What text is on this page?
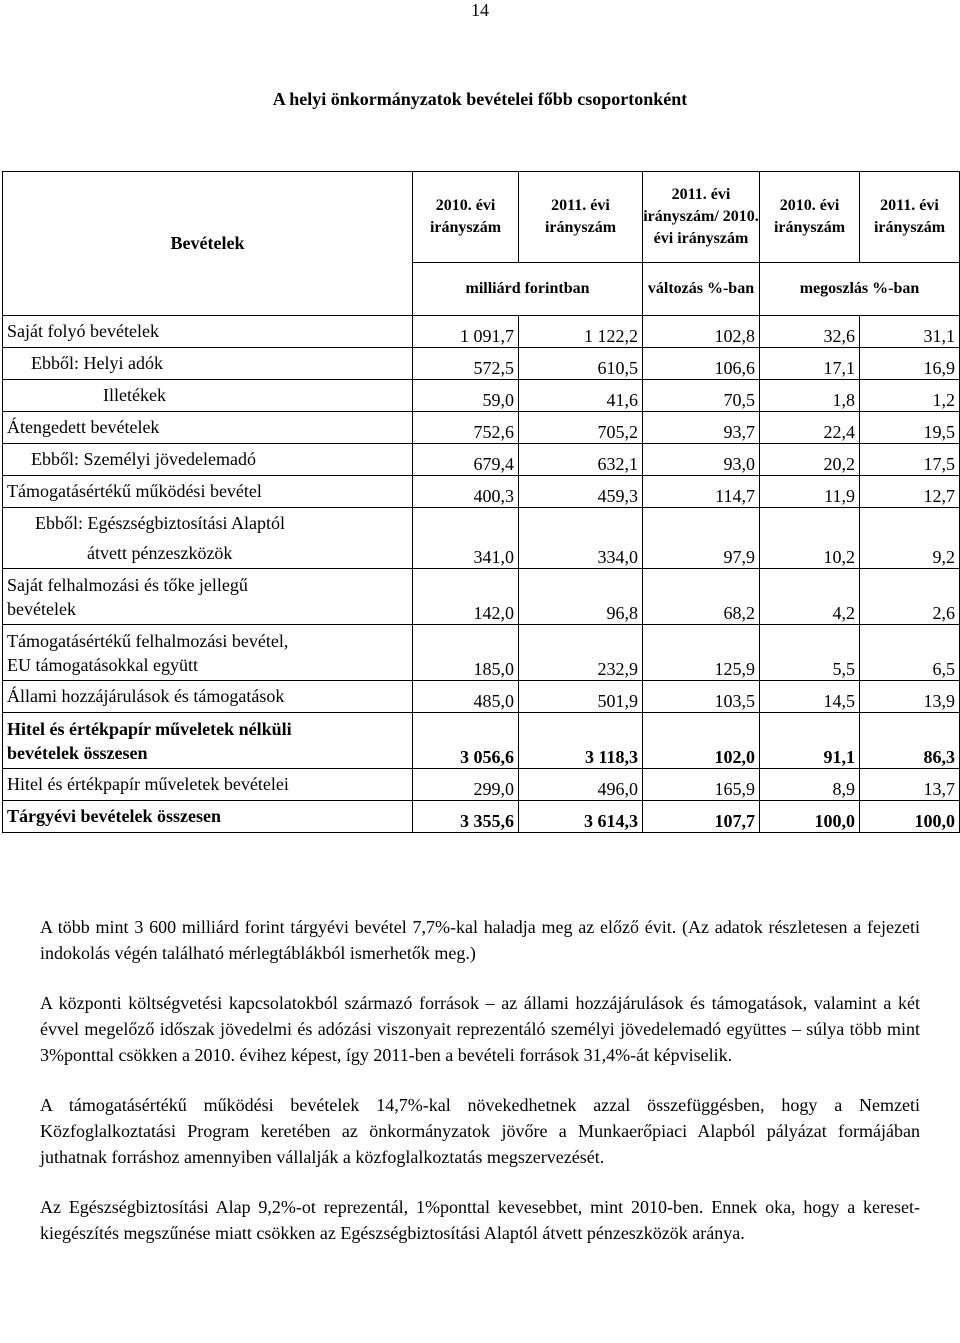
14
A helyi önkormányzatok bevételei főbb csoportonként
Bevételek	2010. évi irányszám	2011. évi irányszám	2011. évi irányszám/ 2010. évi irányszám	2010. évi irányszám	2011. évi irányszám
	milliárd forintban		változás %-ban	megoszlás %-ban	
Saját folyó bevételek	1 091,7	1 122,2	102,8	32,6	31,1
Ebből: Helyi adók	572,5	610,5	106,6	17,1	16,9
Illetékek	59,0	41,6	70,5	1,8	1,2
Átengedett bevételek	752,6	705,2	93,7	22,4	19,5
Ebből: Személyi jövedelemadó	679,4	632,1	93,0	20,2	17,5
Támogatásértékű működési bevétel	400,3	459,3	114,7	11,9	12,7

Ebből: Egészségbiztosítási Alaptól
átvett pénzeszközök	341,0	334,0	97,9	10,2	9,2

Saját felhalmozási és tőke jellegű
bevételek	142,0	96,8	68,2	4,2	2,6

Támogatásértékű felhalmozási bevétel,
EU támogatásokkal együtt	185,0	232,9	125,9	5,5	6,5
Állami hozzájárulások és támogatások	485,0	501,9	103,5	14,5	13,9

Hitel és értékpapír műveletek nélküli
bevételek összesen	3 056,6	3 118,3	102,0	91,1	86,3
Hitel és értékpapír műveletek bevételei	299,0	496,0	165,9	8,9	13,7
Tárgyévi bevételek összesen	3 355,6	3 614,3	107,7	100,0	100,0

A több mint 3 600 milliárd forint tárgyévi bevétel 7,7%-kal haladja meg az előző évit. (Az adatok részletesen a fejezeti indokolás végén található mérlegtáblákból ismerhetők meg.)

A központi költségvetési kapcsolatokból származó források – az állami hozzájárulások és támogatások, valamint a két évvel megelőző időszak jövedelmi és adózási viszonyait reprezentáló személyi jövedelemadó együttes – súlya több mint 3%ponttal csökken a 2010. évihez képest, így 2011-ben a bevételi források 31,4%-át képviselik.

A támogatásértékű működési bevételek 14,7%-kal növekedhetnek azzal összefüggésben, hogy a Nemzeti Közfoglalkoztatási Program keretében az önkormányzatok jövőre a Munkaerőpiaci Alapból pályázat formájában juthatnak forráshoz amennyiben vállalják a közfoglalkoztatás megszervezését.

Az Egészségbiztosítási Alap 9,2%-ot reprezentál, 1%ponttal kevesebbet, mint 2010-ben. Ennek oka, hogy a kereset-kiegészítés megszűnése miatt csökken az Egészségbiztosítási Alaptól átvett pénzeszközök aránya.
